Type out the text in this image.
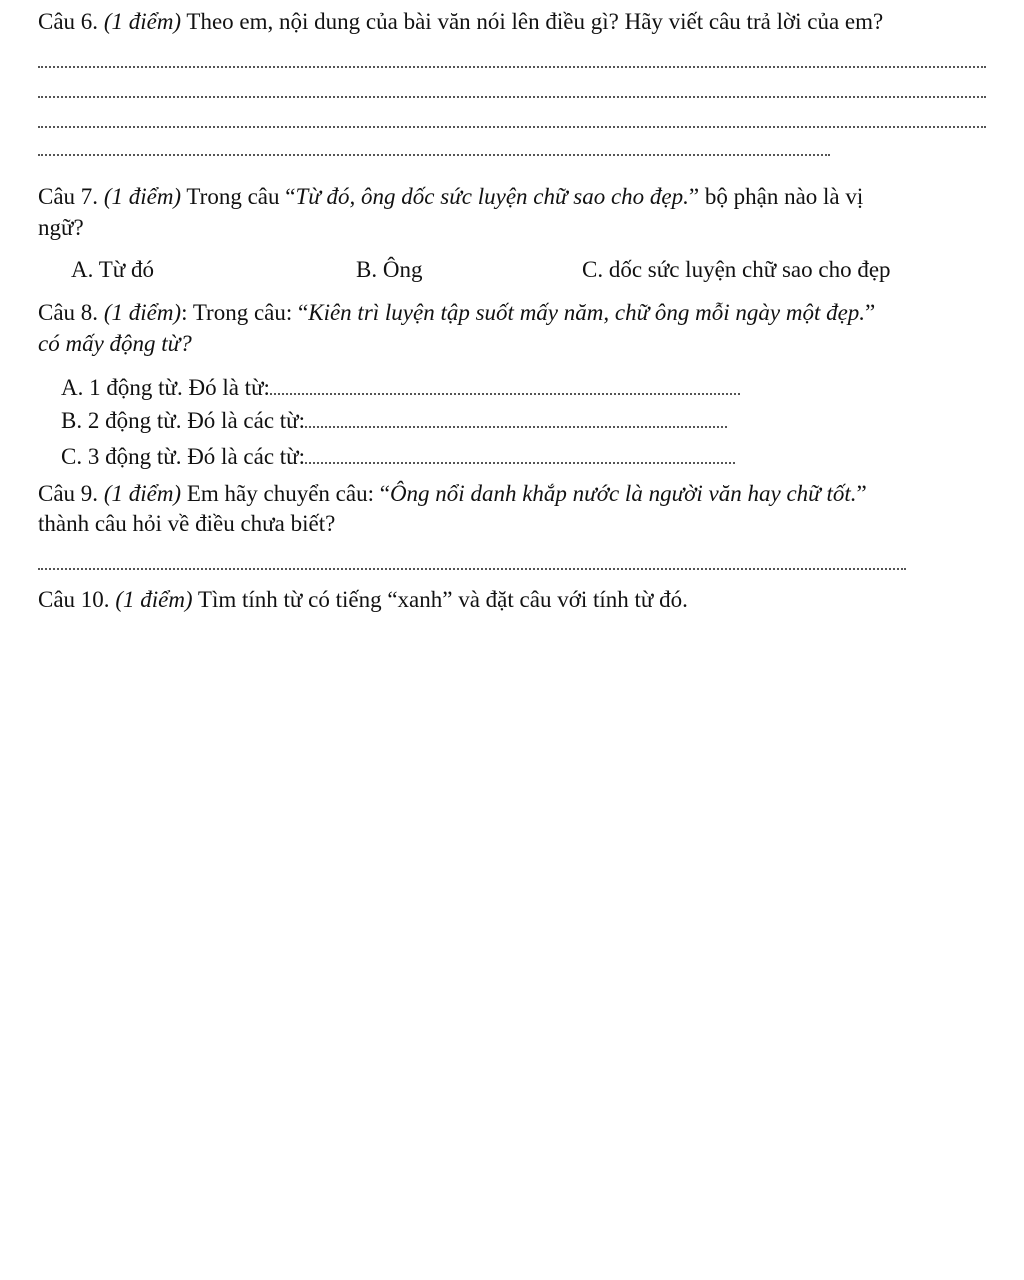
Câu 6. (1 điểm) Theo em, nội dung của bài văn nói lên điều gì? Hãy viết câu trả lời của em?
Câu 7. (1 điểm) Trong câu “Từ đó, ông dốc sức luyện chữ sao cho đẹp.” bộ phận nào là vị
ngữ?
A. Từ đó	B. Ông	C. dốc sức luyện chữ sao cho đẹp
Câu 8. (1 điểm): Trong câu: “Kiên trì luyện tập suốt mấy năm, chữ ông mỗi ngày một đẹp.”
có mấy động từ?
A. 1 động từ. Đó là từ:
B. 2 động từ. Đó là các từ:
C. 3 động từ. Đó là các từ:
Câu 9. (1 điểm) Em hãy chuyển câu: “Ông nổi danh khắp nước là người văn hay chữ tốt.”
thành câu hỏi về điều chưa biết?
Câu 10. (1 điểm) Tìm tính từ có tiếng “xanh” và đặt câu với tính từ đó.
